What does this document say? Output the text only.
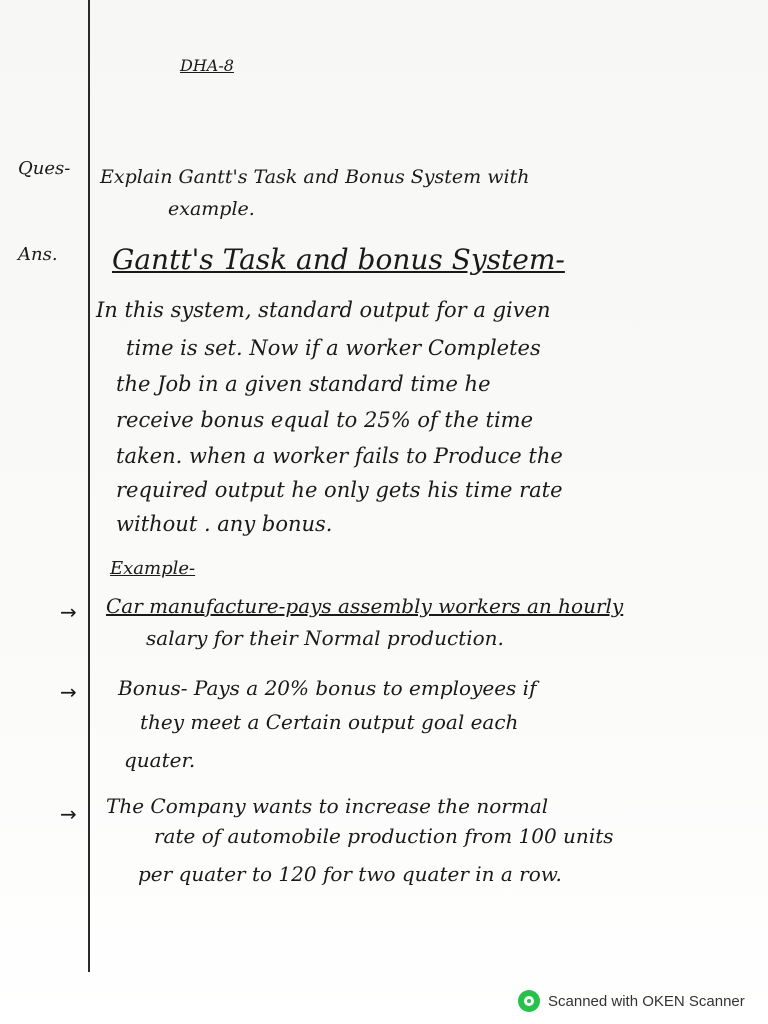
DHA-8
Ques- Explain Gantt's Task and Bonus System with
example.
Ans. Gantt's Task and bonus System-
In this system, standard output for a given
time is set. Now if a worker Completes
the Job in a given standard time he
receive bonus equal to 25% of the time
taken. when a worker fails to Produce the
required output he only gets his time rate
without . any bonus.
Example-
→ Car manufacture-pays assembly workers an hourly
salary for their Normal production.
→ Bonus- Pays a 20% bonus to employees if
they meet a Certain output goal each
quater.
→ The Company wants to increase the normal
rate of automobile production from 100 units
per quater to 120 for two quater in a row.
Scanned with OKEN Scanner
